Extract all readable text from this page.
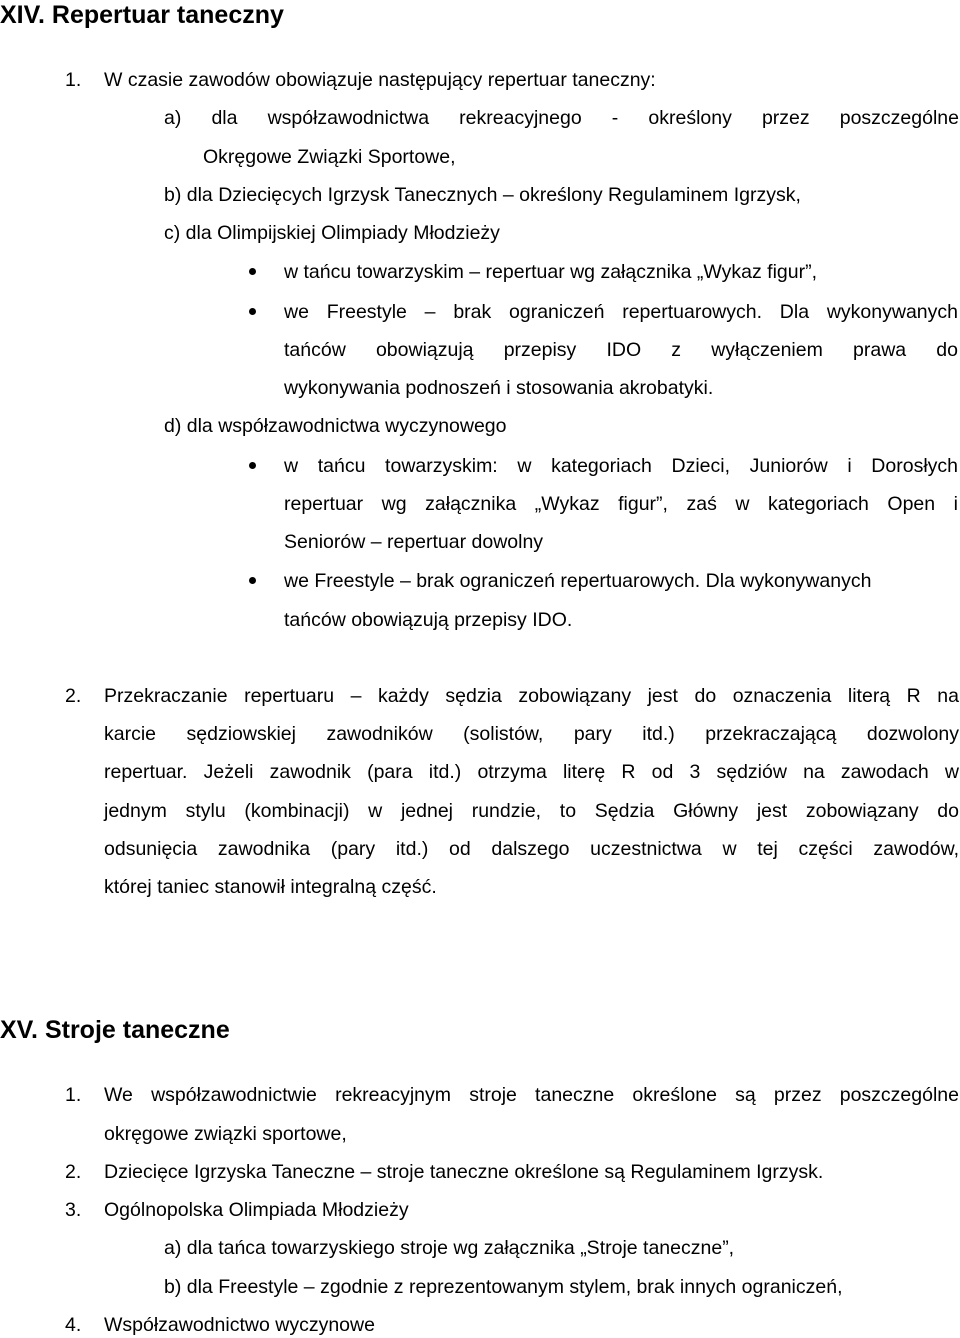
XIV. Repertuar taneczny
1. W czasie zawodów obowiązuje następujący repertuar taneczny:
a) dla współzawodnictwa rekreacyjnego - określony przez poszczególne
Okręgowe Związki Sportowe,
b) dla Dziecięcych Igrzysk Tanecznych – określony Regulaminem Igrzysk,
c) dla Olimpijskiej Olimpiady Młodzieży
w tańcu towarzyskim – repertuar wg załącznika „Wykaz figur”,
we Freestyle – brak ograniczeń repertuarowych. Dla wykonywanych
tańców obowiązują przepisy IDO z wyłączeniem prawa do
wykonywania podnoszeń i stosowania akrobatyki.
d) dla współzawodnictwa wyczynowego
w tańcu towarzyskim: w kategoriach Dzieci, Juniorów i Dorosłych
repertuar wg załącznika „Wykaz figur”, zaś w kategoriach Open i
Seniorów – repertuar dowolny
we Freestyle – brak ograniczeń repertuarowych. Dla wykonywanych
tańców obowiązują przepisy IDO.
2. Przekraczanie repertuaru – każdy sędzia zobowiązany jest do oznaczenia literą R na
karcie sędziowskiej zawodników (solistów, pary itd.) przekraczającą dozwolony
repertuar. Jeżeli zawodnik (para itd.) otrzyma literę R od 3 sędziów na zawodach w
jednym stylu (kombinacji) w jednej rundzie, to Sędzia Główny jest zobowiązany do
odsunięcia zawodnika (pary itd.) od dalszego uczestnictwa w tej części zawodów,
której taniec stanowił integralną część.
XV. Stroje taneczne
1. We współzawodnictwie rekreacyjnym stroje taneczne określone są przez poszczególne
okręgowe związki sportowe,
2. Dziecięce Igrzyska Taneczne – stroje taneczne określone są Regulaminem Igrzysk.
3. Ogólnopolska Olimpiada Młodzieży
a) dla tańca towarzyskiego stroje wg załącznika „Stroje taneczne”,
b) dla Freestyle – zgodnie z reprezentowanym stylem, brak innych ograniczeń,
4. Współzawodnictwo wyczynowe
